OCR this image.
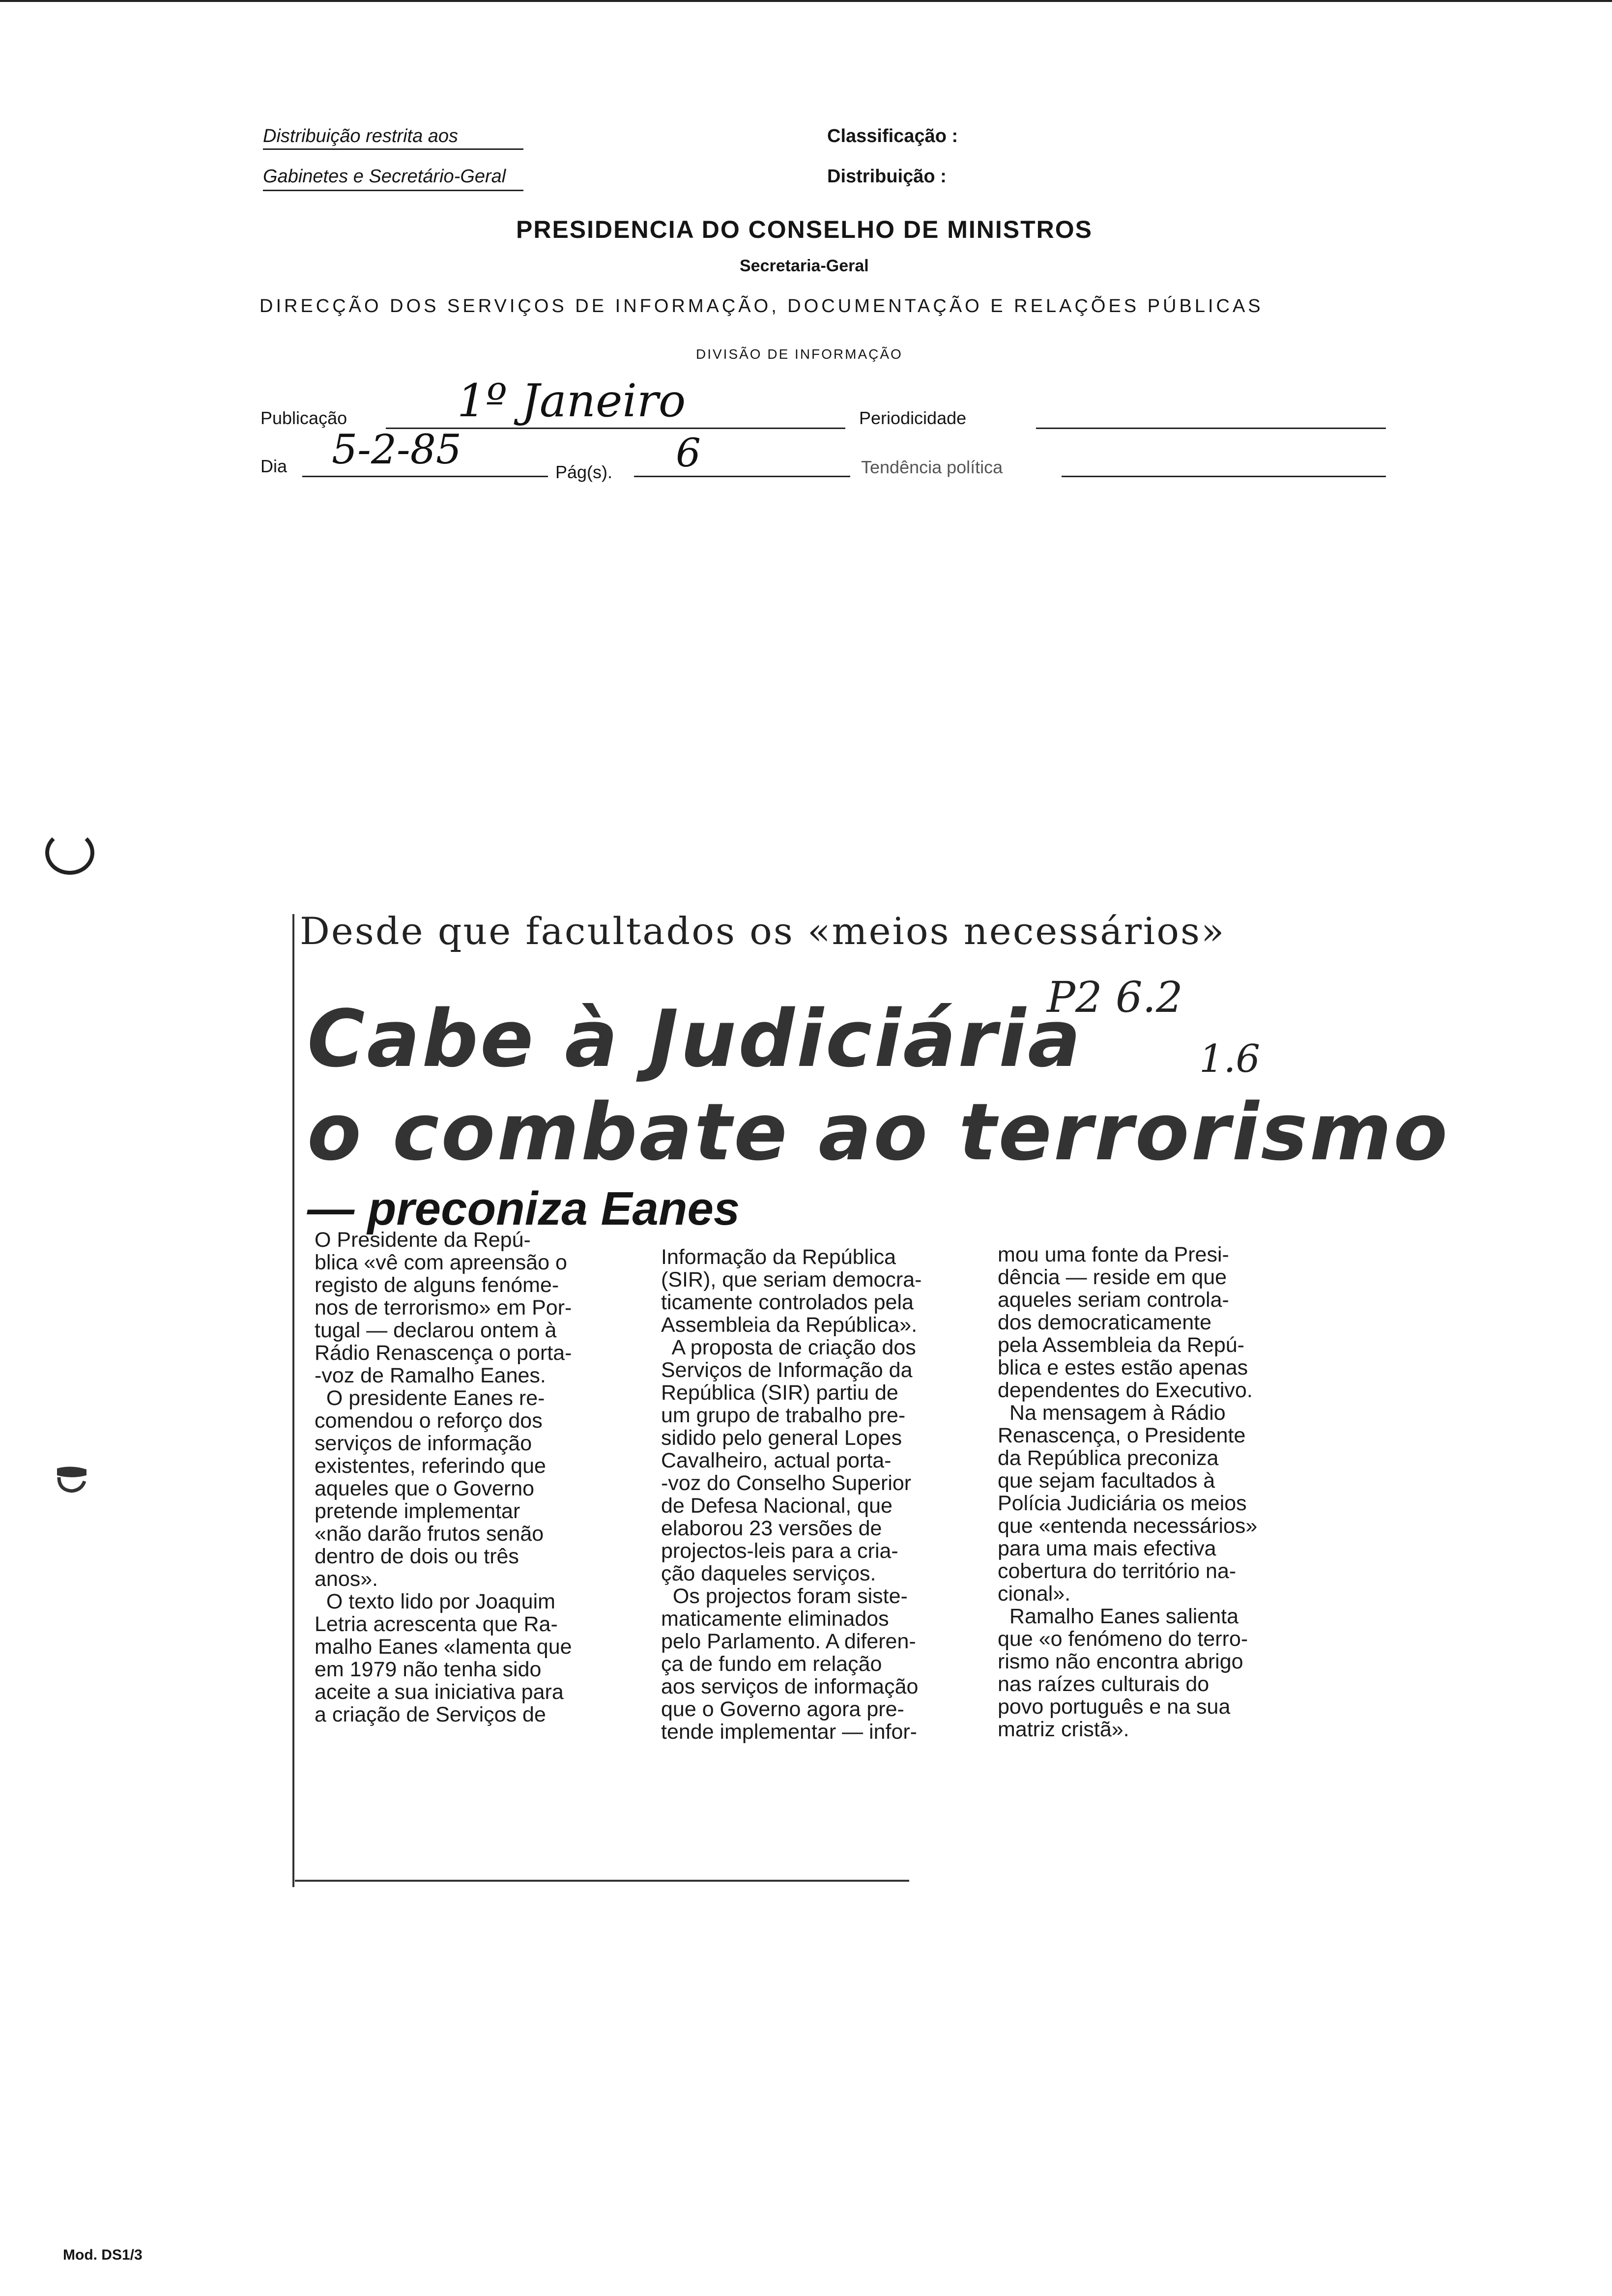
Distribuição restrita aos
Gabinetes e Secretário-Geral
Classificação :
Distribuição :
PRESIDENCIA DO CONSELHO DE MINISTROS
Secretaria-Geral
DIRECÇÃO DOS SERVIÇOS DE INFORMAÇÃO, DOCUMENTAÇÃO E RELAÇÕES PÚBLICAS
DIVISÃO DE INFORMAÇÃO
Publicação 1º Janeiro	Periodicidade
Dia 5-2-85	Pág(s). 6	Tendência política
Desde que facultados os «meios necessários»
Cabe à Judiciária
o combate ao terrorismo
— preconiza Eanes
P2 6.2
1.6
O Presidente da Repú-
blica «vê com apreensão o
registo de alguns fenóme-
nos de terrorismo» em Por-
tugal — declarou ontem à
Rádio Renascença o porta-
-voz de Ramalho Eanes.
O presidente Eanes re-
comendou o reforço dos
serviços de informação
existentes, referindo que
aqueles que o Governo
pretende implementar
«não darão frutos senão
dentro de dois ou três
anos».
O texto lido por Joaquim
Letria acrescenta que Ra-
malho Eanes «lamenta que
em 1979 não tenha sido
aceite a sua iniciativa para
a criação de Serviços de
Informação da República
(SIR), que seriam democra-
ticamente controlados pela
Assembleia da República».
A proposta de criação dos
Serviços de Informação da
República (SIR) partiu de
um grupo de trabalho pre-
sidido pelo general Lopes
Cavalheiro, actual porta-
-voz do Conselho Superior
de Defesa Nacional, que
elaborou 23 versões de
projectos-leis para a cria-
ção daqueles serviços.
Os projectos foram siste-
maticamente eliminados
pelo Parlamento. A diferen-
ça de fundo em relação
aos serviços de informação
que o Governo agora pre-
tende implementar — infor-
mou uma fonte da Presi-
dência — reside em que
aqueles seriam controla-
dos democraticamente
pela Assembleia da Repú-
blica e estes estão apenas
dependentes do Executivo.
Na mensagem à Rádio
Renascença, o Presidente
da República preconiza
que sejam facultados à
Polícia Judiciária os meios
que «entenda necessários»
para uma mais efectiva
cobertura do território na-
cional».
Ramalho Eanes salienta
que «o fenómeno do terro-
rismo não encontra abrigo
nas raízes culturais do
povo português e na sua
matriz cristã».
Mod. DS1/3
